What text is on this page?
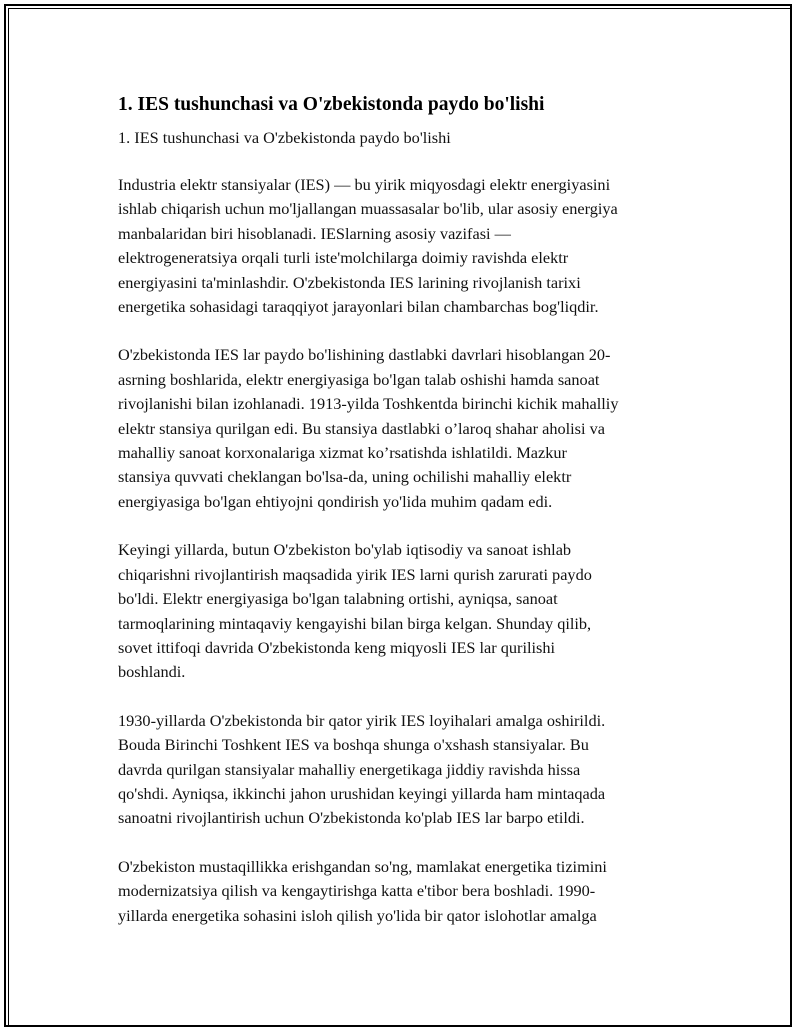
1. IES tushunchasi va O'zbekistonda paydo bo'lishi
1. IES tushunchasi va O'zbekistonda paydo bo'lishi
Industria elektr stansiyalar (IES) — bu yirik miqyosdagi elektr energiyasini
ishlab chiqarish uchun mo'ljallangan muassasalar bo'lib, ular asosiy energiya
manbalaridan biri hisoblanadi. IESlarning asosiy vazifasi —
elektrogeneratsiya orqali turli iste'molchilarga doimiy ravishda elektr
energiyasini ta'minlashdir. O'zbekistonda IES larining rivojlanish tarixi
energetika sohasidagi taraqqiyot jarayonlari bilan chambarchas bog'liqdir.
O'zbekistonda IES lar paydo bo'lishining dastlabki davrlari hisoblangan 20-
asrning boshlarida, elektr energiyasiga bo'lgan talab oshishi hamda sanoat
rivojlanishi bilan izohlanadi. 1913-yilda Toshkentda birinchi kichik mahalliy
elektr stansiya qurilgan edi. Bu stansiya dastlabki o’laroq shahar aholisi va
mahalliy sanoat korxonalariga xizmat ko’rsatishda ishlatildi. Mazkur
stansiya quvvati cheklangan bo'lsa-da, uning ochilishi mahalliy elektr
energiyasiga bo'lgan ehtiyojni qondirish yo'lida muhim qadam edi.
Keyingi yillarda, butun O'zbekiston bo'ylab iqtisodiy va sanoat ishlab
chiqarishni rivojlantirish maqsadida yirik IES larni qurish zarurati paydo
bo'ldi. Elektr energiyasiga bo'lgan talabning ortishi, ayniqsa, sanoat
tarmoqlarining mintaqaviy kengayishi bilan birga kelgan. Shunday qilib,
sovet ittifoqi davrida O'zbekistonda keng miqyosli IES lar qurilishi
boshlandi.
1930-yillarda O'zbekistonda bir qator yirik IES loyihalari amalga oshirildi.
Bouda Birinchi Toshkent IES va boshqa shunga o'xshash stansiyalar. Bu
davrda qurilgan stansiyalar mahalliy energetikaga jiddiy ravishda hissa
qo'shdi. Ayniqsa, ikkinchi jahon urushidan keyingi yillarda ham mintaqada
sanoatni rivojlantirish uchun O'zbekistonda ko'plab IES lar barpo etildi.
O'zbekiston mustaqillikka erishgandan so'ng, mamlakat energetika tizimini
modernizatsiya qilish va kengaytirishga katta e'tibor bera boshladi. 1990-
yillarda energetika sohasini isloh qilish yo'lida bir qator islohotlar amalga
